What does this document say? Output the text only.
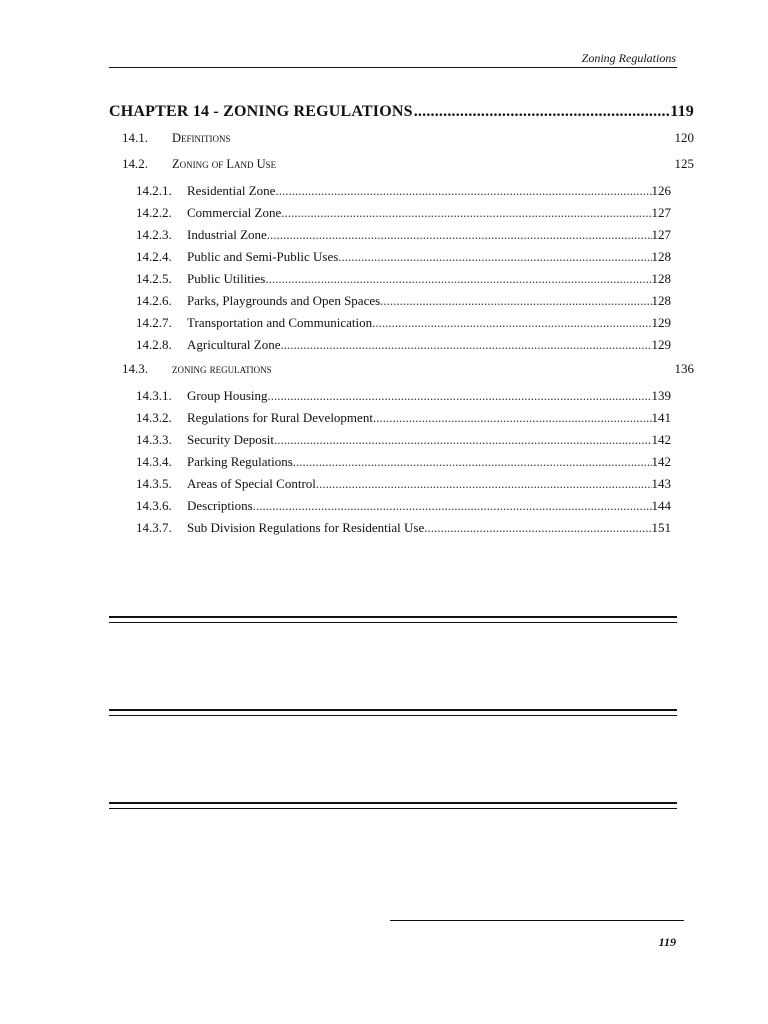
Zoning Regulations
CHAPTER 14 - ZONING REGULATIONS .....	119
14.1.	Definitions	120
14.2.	Zoning of Land Use	125
14.2.1.	Residential Zone .....	126
14.2.2.	Commercial Zone .....	127
14.2.3.	Industrial Zone .....	127
14.2.4.	Public and Semi-Public Uses .....	128
14.2.5.	Public Utilities .....	128
14.2.6.	Parks, Playgrounds and Open Spaces .....	128
14.2.7.	Transportation and Communication .....	129
14.2.8.	Agricultural Zone .....	129
14.3.	zoning regulations	136
14.3.1.	Group Housing .....	139
14.3.2.	Regulations for Rural Development .....	141
14.3.3.	Security Deposit .....	142
14.3.4.	Parking Regulations .....	142
14.3.5.	Areas of Special Control .....	143
14.3.6.	Descriptions .....	144
14.3.7.	Sub Division Regulations for Residential Use .....	151
119
